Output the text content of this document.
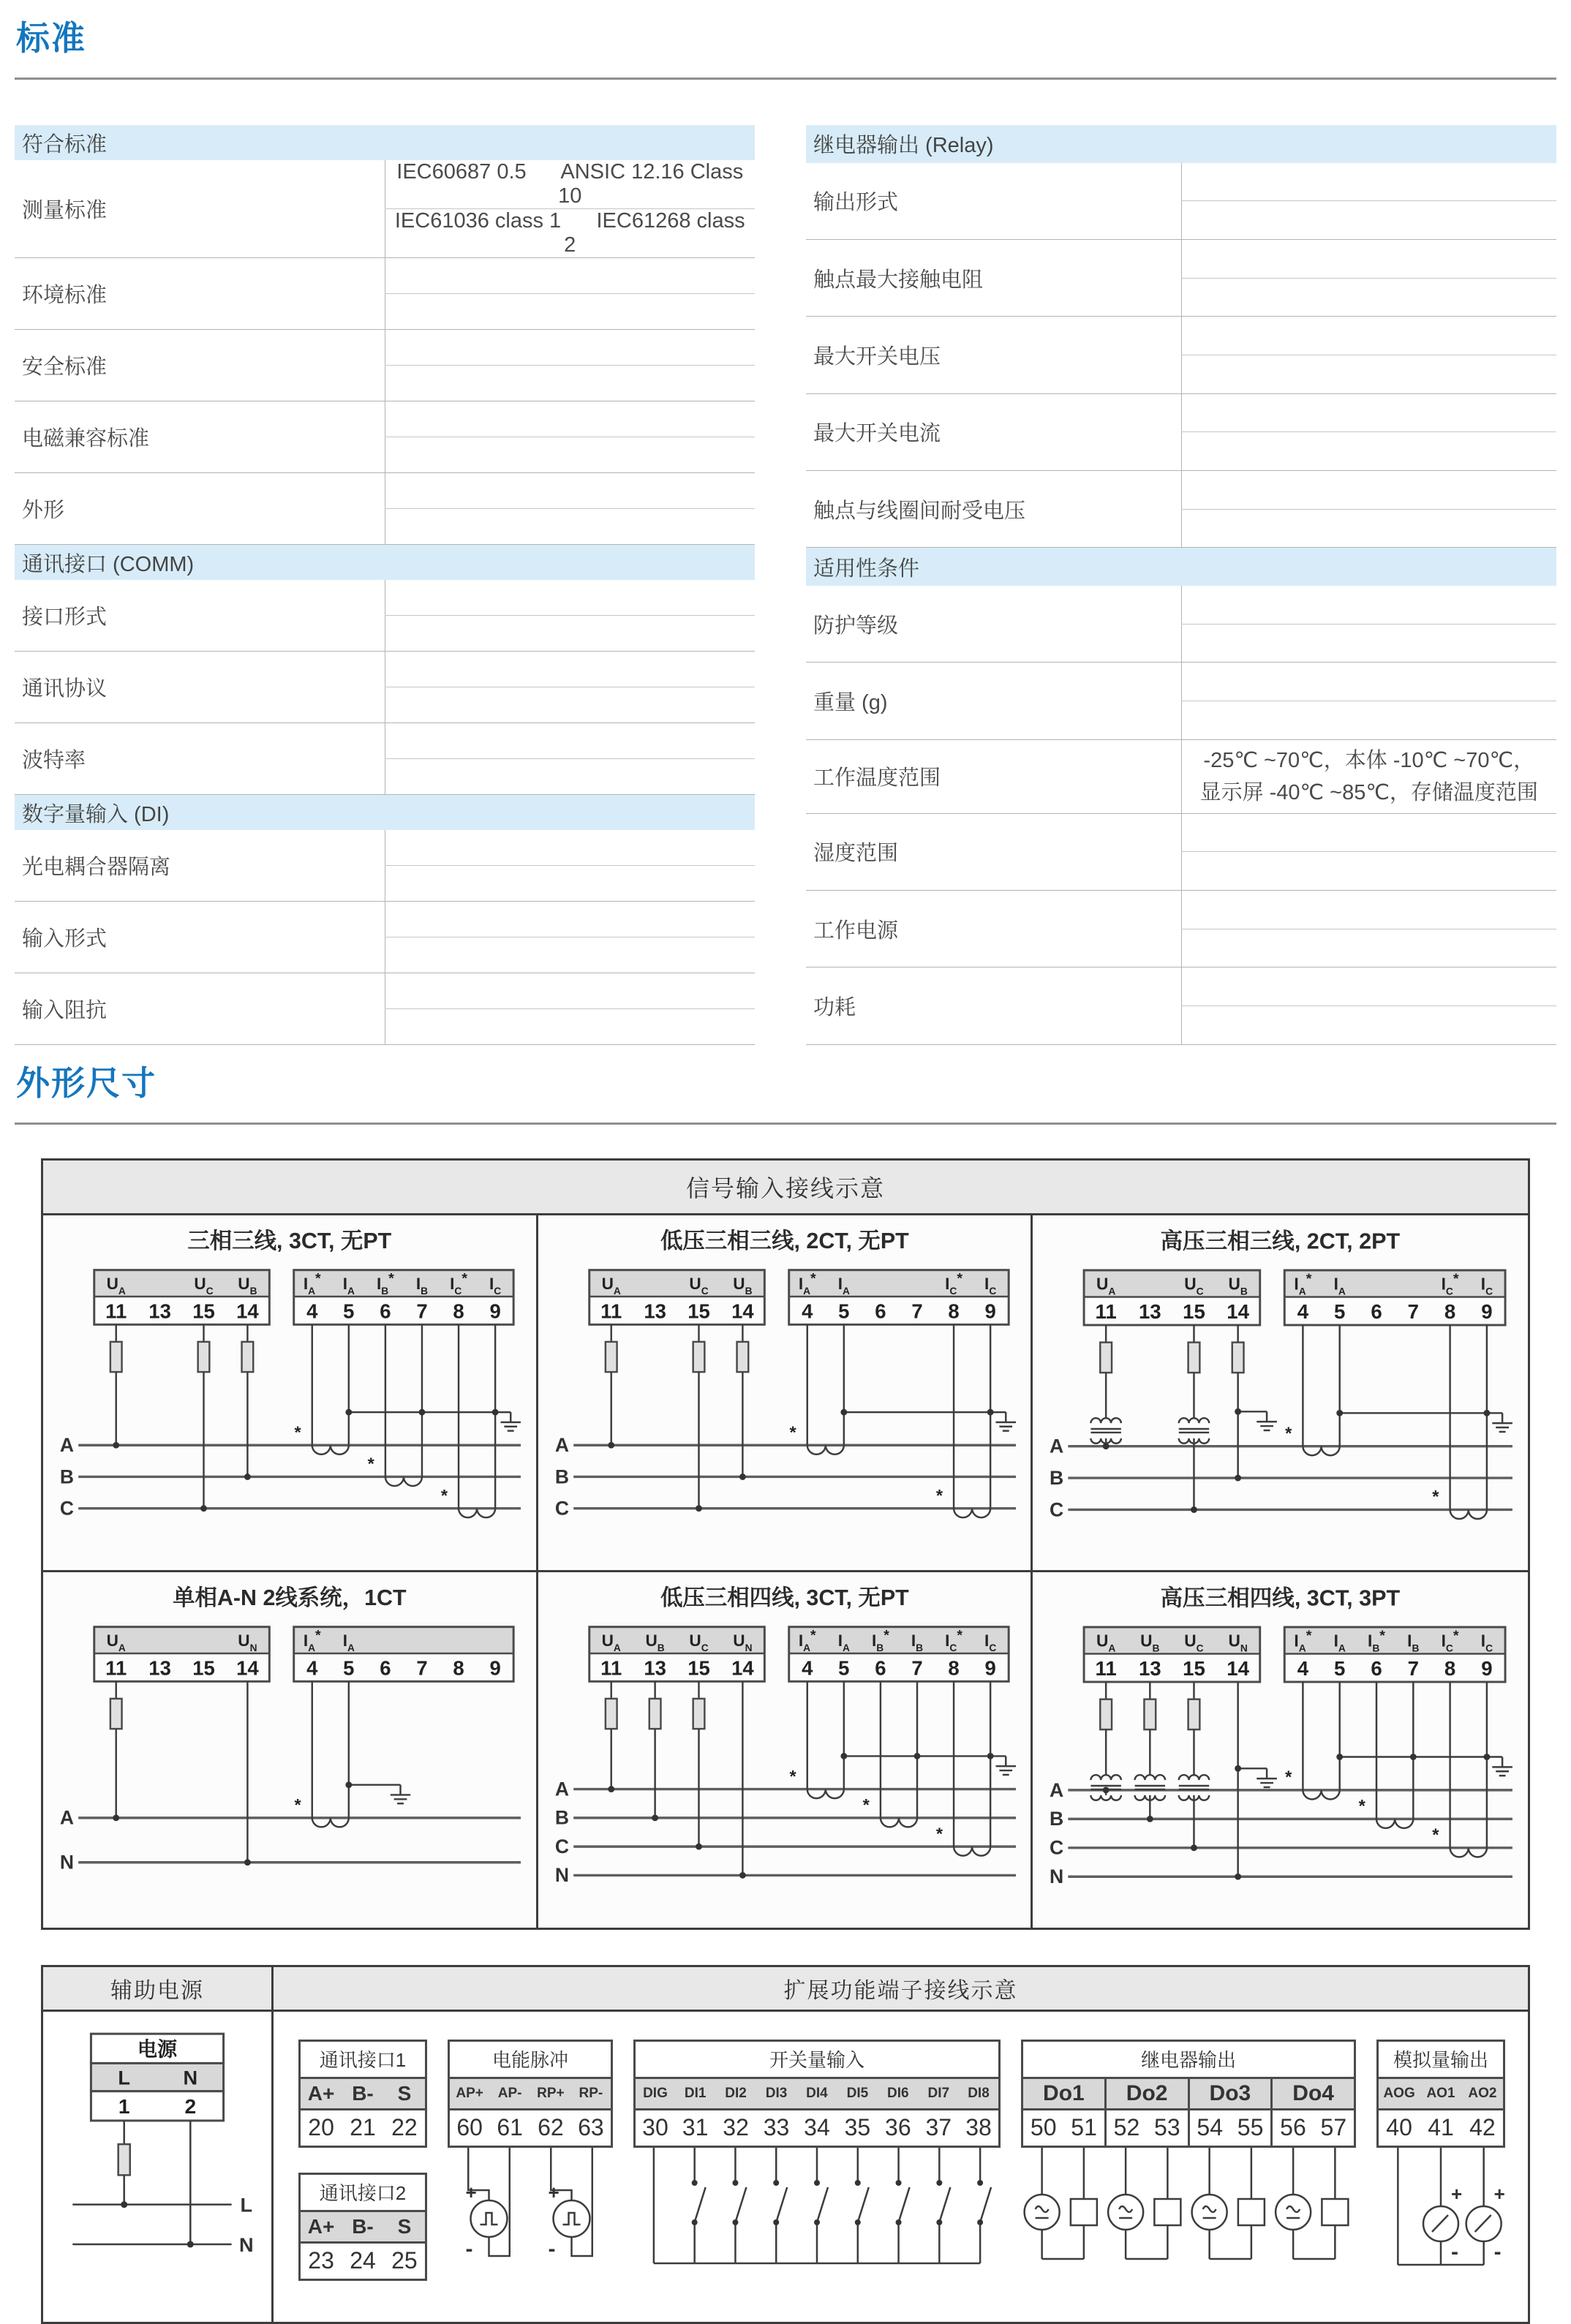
标准
符合标准	
测量标准	IEC60687 0.5      ANSIC 12.16 Class 10
	IEC61036 class 1      IEC61268 class 2
环境标准	

安全标准	

电磁兼容标准	

外形	

通讯接口 (COMM)	
接口形式	

通讯协议	

波特率	

数字量输入 (DI)	
光电耦合器隔离	

输入形式	

输入阻抗	

继电器输出 (Relay)	
输出形式	

触点最大接触电阻	

最大开关电压	

最大开关电流	

触点与线圈间耐受电压	

适用性条件	
防护等级	

重量 (g)	

工作温度范围	-25℃ ~70℃，本体 -10℃ ~70℃，
显示屏 -40℃ ~85℃，存储温度范围

湿度范围	

工作电源	

功耗	

外形尺寸
信号输入接线示意
三相三线, 3CT, 无PT
$U_A$	$U_C$ $U_B$
11 13 15 14
$I_A*$ $I_A$ $I_B*$ $I_B$ $I_C*$ $I_C$
4 5 6 7 8 9
A
B
C
*
*
*
低压三相三线, 2CT, 无PT
$U_A$	$U_C$ $U_B$
11 13 15 14
$I_A*$ $I_A$	$I_C*$ $I_C$
4 5 6 7 8 9
A
B
C
*
*
高压三相三线, 2CT, 2PT
$U_A$	$U_C$ $U_B$
11 13 15 14
$I_A*$ $I_A$	$I_C*$ $I_C$
4 5 6 7 8 9
A
B
C
*
*
单相A-N 2线系统，1CT
$U_A$	$U_N$
11 13 15 14
$I_A*$ $I_A$
4 5 6 7 8 9
A
N
*
低压三相四线, 3CT, 无PT
$U_A$ $U_B$ $U_C$ $U_N$
11 13 15 14
$I_A*$ $I_A$ $I_B*$ $I_B$ $I_C*$ $I_C$
4 5 6 7 8 9
A
B
C
N
*
*
*
高压三相四线, 3CT, 3PT
$U_A$ $U_B$ $U_C$ $U_N$
11 13 15 14
$I_A*$ $I_A$ $I_B*$ $I_B$ $I_C*$ $I_C$
4 5 6 7 8 9
A
B
C
N
*
*
*
辅助电源	扩展功能端子接线示意
电源
L	N
1	2
L
N
通讯接口1		
A+	B-	S
20	21	22
通讯接口2		
A+	B-	S
23	24	25
电能脉冲			
AP+	AP-	RP+	RP-
60	61	62	63
+
-
+
-
开关量输入								
DIG	DI1	DI2	DI3	DI4	DI5	DI6	DI7	DI8
30	31	32	33	34	35	36	37	38
继电器输出							
Do1		Do2		Do3		Do4	
50	51	52	53	54	55	56	57
模拟量输出		
AOG	AO1	AO2
40	41	42
+
-
+
-
